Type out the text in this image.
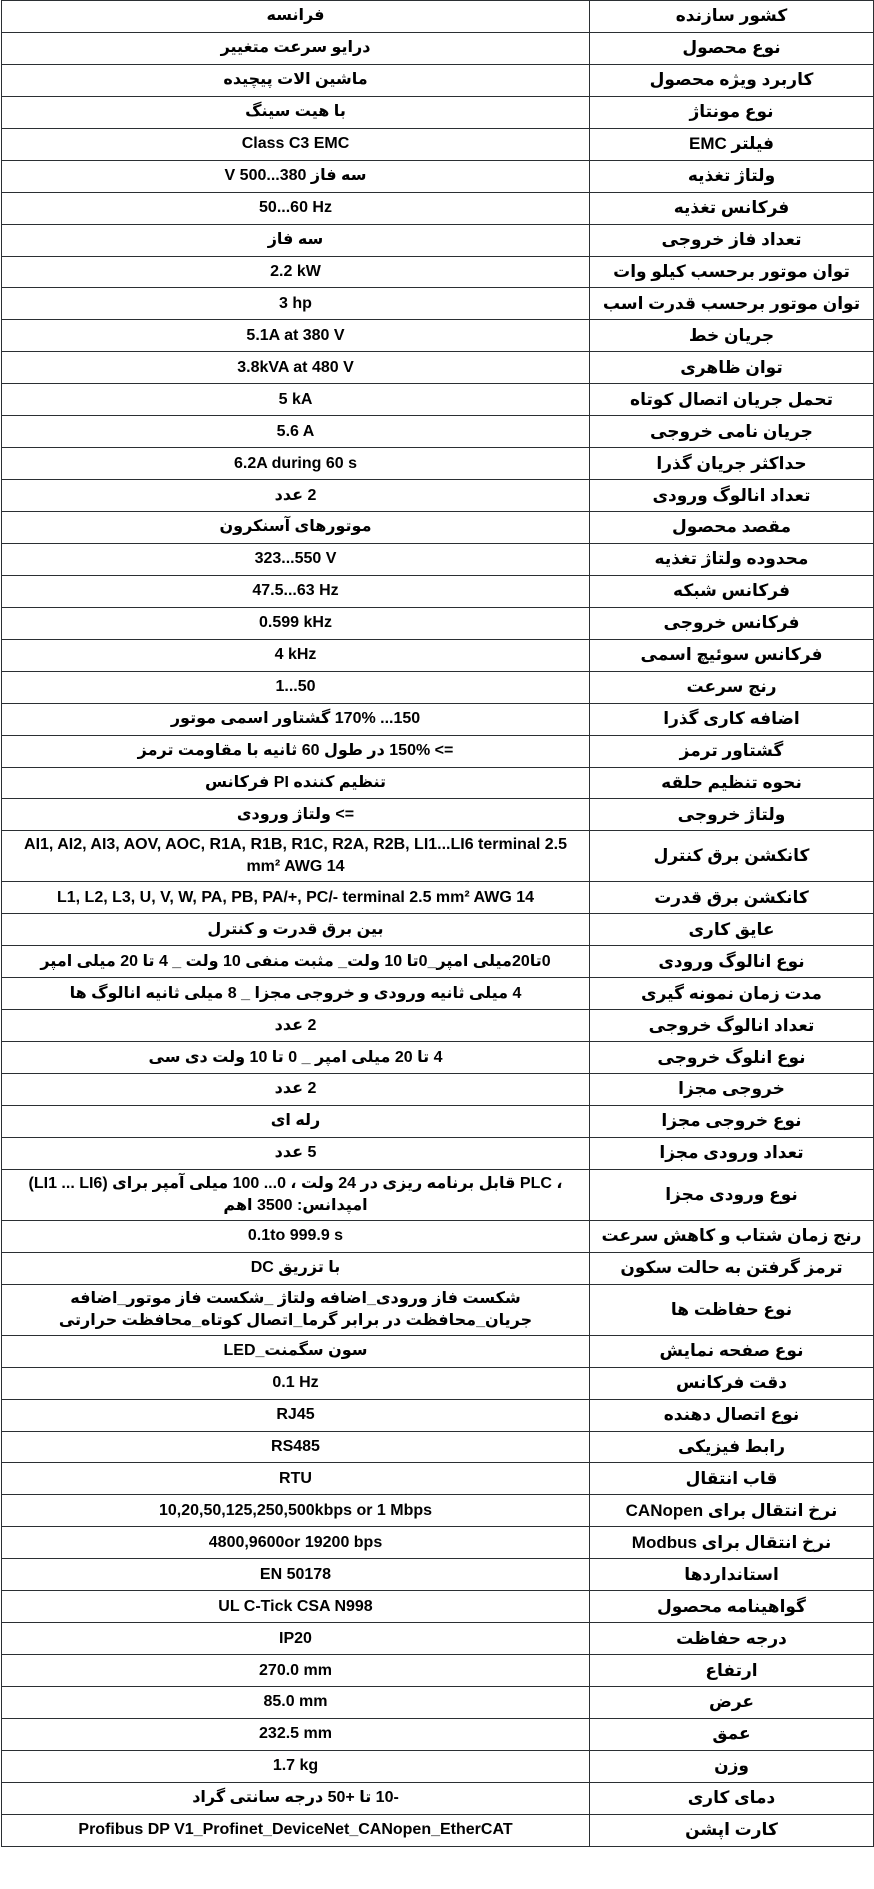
فرانسه	کشور سازنده
درایو سرعت متغییر	نوع محصول
ماشین الات پیچیده	کاربرد ویژه محصول
با هیت سینگ	نوع مونتاژ
Class C3 EMC	فیلتر EMC
سه فاز 380...500 V	ولتاژ تغذیه
50...60 Hz	فرکانس تغذیه
سه فاز	تعداد فاز خروجی
2.2 kW	توان موتور برحسب کیلو وات
3 hp	توان موتور برحسب قدرت اسب
5.1A at 380 V	جریان خط
3.8kVA at 480 V	توان ظاهری
5 kA	تحمل جریان اتصال کوتاه
5.6 A	جریان نامی خروجی
6.2A during 60 s	حداکثر جریان گذرا
2 عدد	تعداد انالوگ ورودی
موتورهای آسنکرون	مقصد محصول
323...550 V	محدوده ولتاژ تغذیه
47.5...63 Hz	فرکانس شبکه
0.599 kHz	فرکانس خروجی
4 kHz	فرکانس سوئیچ اسمی
1...50	رنج سرعت
150... 170% گشتاور اسمی موتور	اضافه کاری گذرا
=> 150% در طول 60 ثانیه با مقاومت ترمز	گشتاور ترمز
تنظیم کننده PI فرکانس	نحوه تنظیم حلقه
=> ولتاژ ورودی	ولتاژ خروجی
AI1, AI2, AI3, AOV, AOC, R1A, R1B, R1C, R2A, R2B, LI1...LI6 terminal 2.5 mm² AWG 14	کانکشن برق کنترل
L1, L2, L3, U, V, W, PA, PB, PA/+, PC/- terminal 2.5 mm² AWG 14	کانکشن برق قدرت
بین برق قدرت و کنترل	عایق کاری
0تا20میلی امپر_0تا 10 ولت_ مثبت منفی 10 ولت _ 4 تا 20 میلی امپر	نوع انالوگ ورودی
4 میلی ثانیه ورودی و خروجی مجزا _ 8 میلی ثانیه انالوگ ها	مدت زمان نمونه گیری
2 عدد	تعداد انالوگ خروجی
4 تا 20 میلی امپر _ 0 تا 10 ولت دی سی	نوع انلوگ خروجی
2 عدد	خروجی مجزا
رله ای	نوع خروجی مجزا
5 عدد	تعداد ورودی مجزا
(LI1 ... LI6) قابل برنامه ریزی در 24 ولت ، 0... 100 میلی آمپر برای PLC ، امپدانس: 3500 اهم	نوع ورودی مجزا
0.1to 999.9 s	رنج زمان شتاب و کاهش سرعت
با تزریق DC	ترمز گرفتن به حالت سکون
شکست فاز ورودی_اضافه ولتاژ _شکست فاز موتور_اضافه جریان_محافظت در برابر گرما_اتصال کوتاه_محافظت حرارتی	نوع حفاظت ها
سون سگمنت_LED	نوع صفحه نمایش
0.1 Hz	دقت فرکانس
RJ45	نوع اتصال دهنده
RS485	رابط فیزیکی
RTU	قاب انتقال
10,20,50,125,250,500kbps or 1 Mbps	نرخ انتقال برای CANopen
4800,9600or 19200 bps	نرخ انتقال برای Modbus
EN 50178	استانداردها
UL C-Tick CSA N998	گواهینامه محصول
IP20	درجه حفاظت
270.0 mm	ارتفاع
85.0 mm	عرض
232.5 mm	عمق
1.7 kg	وزن
-10 تا +50 درجه سانتی گراد	دمای کاری
Profibus DP V1_Profinet_DeviceNet_CANopen_EtherCAT	کارت اپشن
